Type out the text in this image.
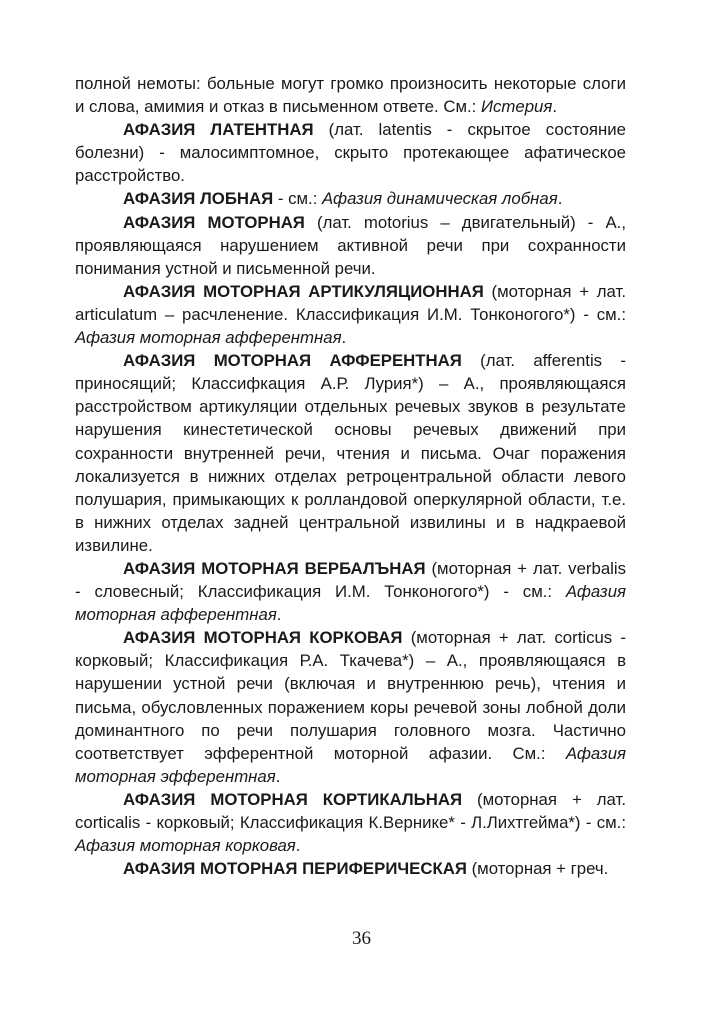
полной немоты: больные могут громко произносить некоторые слоги и слова, амимия и отказ в письменном ответе. См.: Истерия.

АФАЗИЯ ЛАТЕНТНАЯ (лат. latentis - скрытое состояние болезни) - малосимптомное, скрыто протекающее афатическое расстройство.

АФАЗИЯ ЛОБНАЯ - см.: Афазия динамическая лобная.

АФАЗИЯ МОТОРНАЯ (лат. motorius – двигательный) - А., проявляющаяся нарушением активной речи при сохранности понимания устной и письменной речи.

АФАЗИЯ МОТОРНАЯ АРТИКУЛЯЦИОННАЯ (моторная + лат. articulatum – расчленение. Классификация И.М. Тонконогого*) - см.: Афазия моторная афферентная.

АФАЗИЯ МОТОРНАЯ АФФЕРЕНТНАЯ (лат. afferentis - приносящий; Классифкация А.Р. Лурия*) – А., проявляющаяся расстройством артикуляции отдельных речевых звуков в результате нарушения кинестетической основы речевых движений при сохранности внутренней речи, чтения и письма. Очаг поражения локализуется в нижних отделах ретроцентральной области левого полушария, примыкающих к ролландовой оперкулярной области, т.е. в нижних отделах задней центральной извилины и в надкраевой извилине.

АФАЗИЯ МОТОРНАЯ ВЕРБАЛЪНАЯ (моторная + лат. verbalis - словесный; Классификация И.М. Тонконогого*) - см.: Афазия моторная афферентная.

АФАЗИЯ МОТОРНАЯ КОРКОВАЯ (моторная + лат. corticus - корковый; Классификация Р.А. Ткачева*) – А., проявляющаяся в нарушении устной речи (включая и внутреннюю речь), чтения и письма, обусловленных поражением коры речевой зоны лобной доли доминантного по речи полушария головного мозга. Частично соответствует эфферентной моторной афазии. См.: Афазия моторная эфферентная.

АФАЗИЯ МОТОРНАЯ КОРТИКАЛЬНАЯ (моторная + лат. corticalis - корковый; Классификация К.Вернике* - Л.Лихтгейма*) - см.: Афазия моторная корковая.

АФАЗИЯ МОТОРНАЯ ПЕРИФЕРИЧЕСКАЯ (моторная + греч.

36
